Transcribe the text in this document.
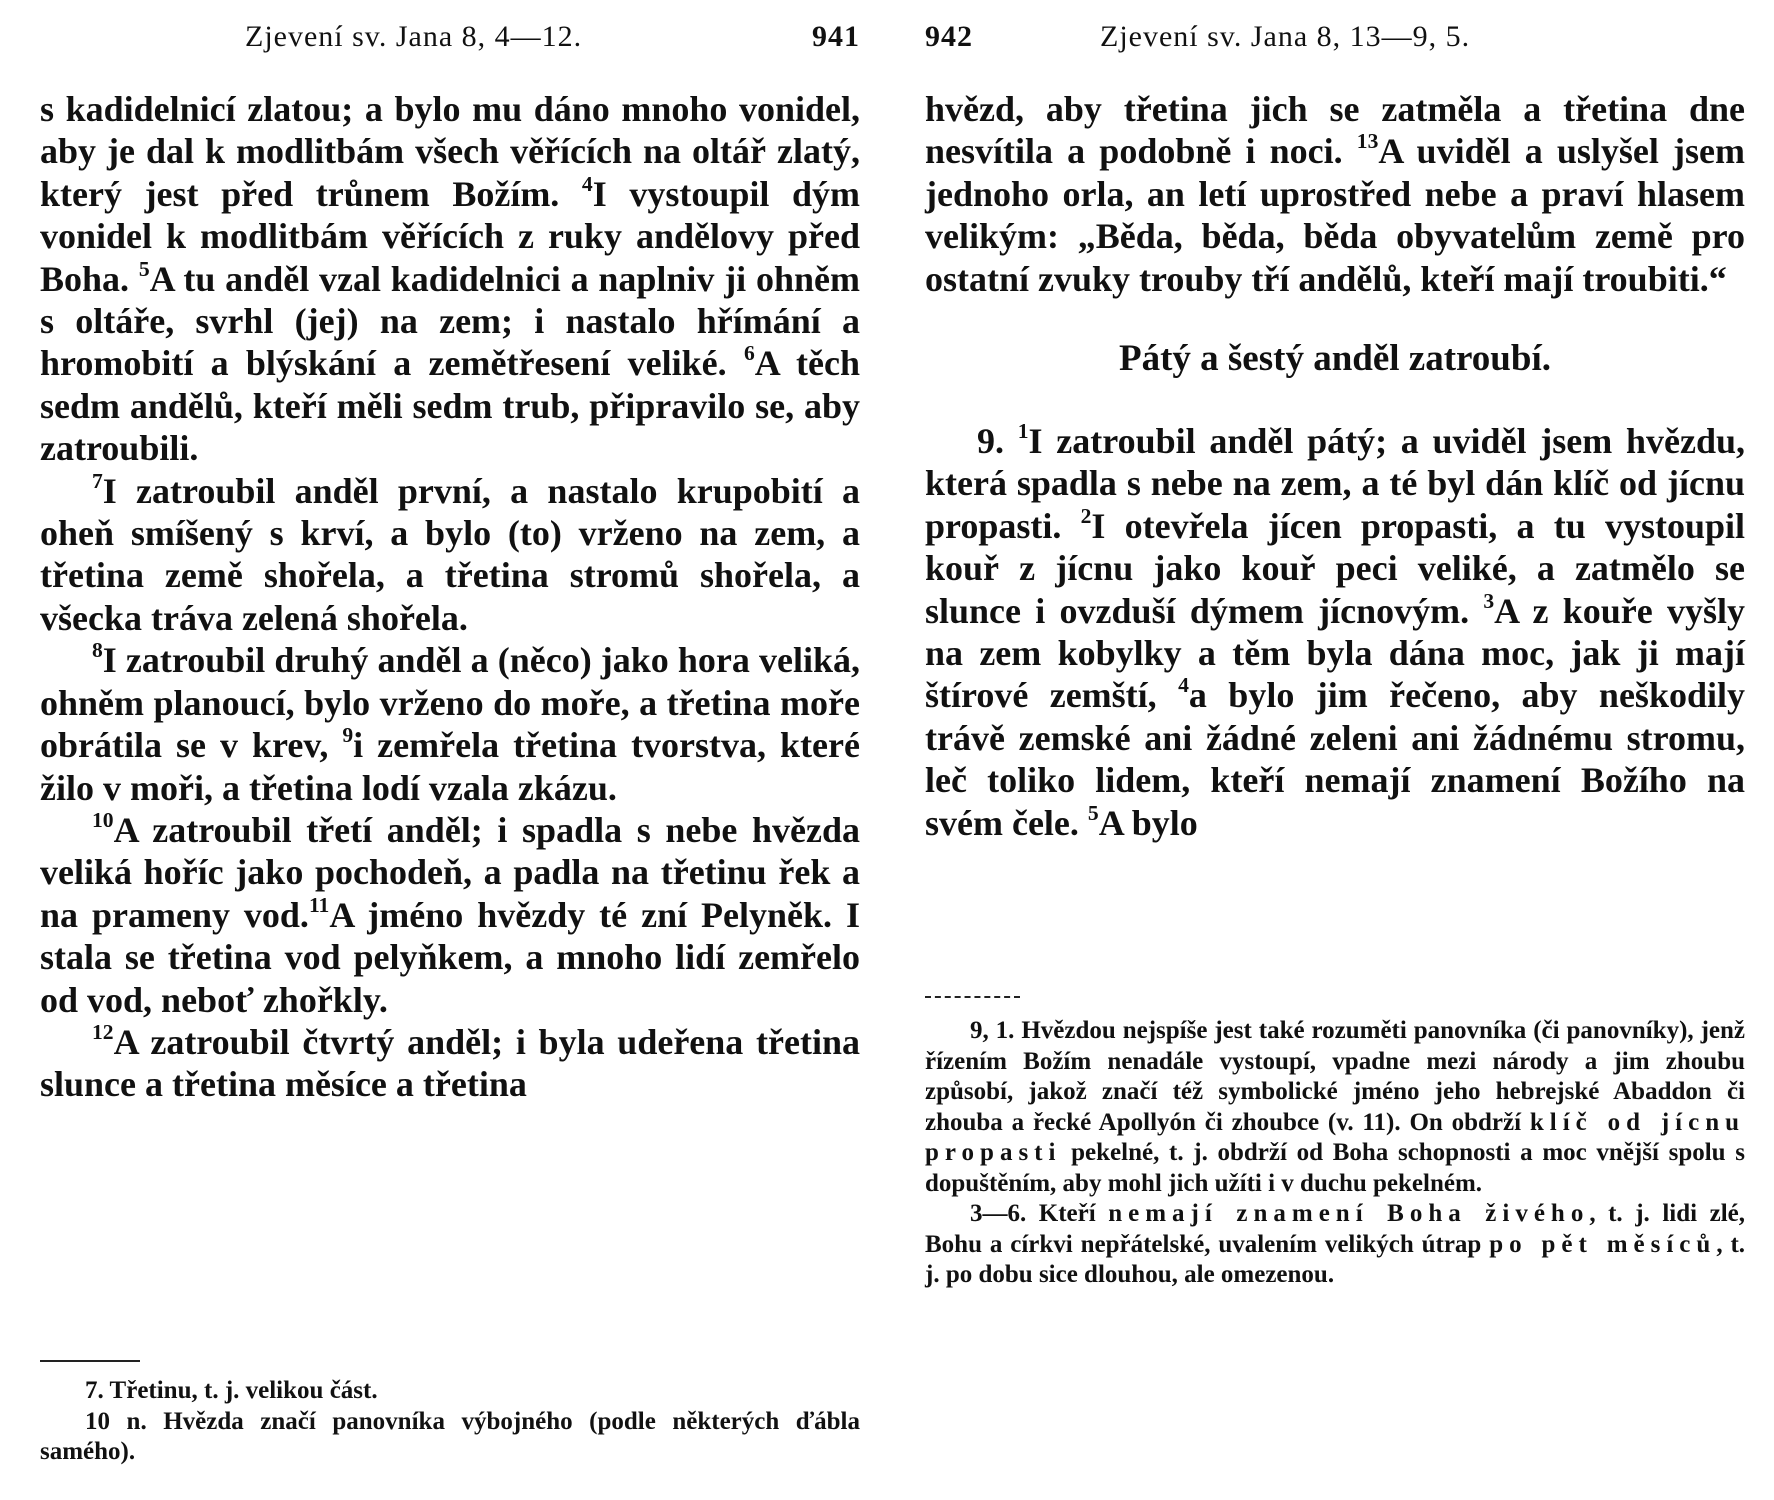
Zjevení sv. Jana 8, 4—12.	941

s kadidelnicí zlatou; a bylo mu dáno mnoho vonidel, aby je dal k modlitbám všech věřících na oltář zlatý, který jest před trůnem Božím. $^4$I vystoupil dým vonidel k modlitbám věřících z ruky andělovy před Boha. $^5$A tu anděl vzal kadidelnici a naplniv ji ohněm s oltáře, svrhl (jej) na zem; i nastalo hřímání a hromobití a blýskání a zemětřesení veliké. $^6$A těch sedm andělů, kteří měli sedm trub, připravilo se, aby zatroubili.

$^7$I zatroubil anděl první, a nastalo krupobití a oheň smíšený s krví, a bylo (to) vrženo na zem, a třetina země shořela, a třetina stromů shořela, a všecka tráva zelená shořela.

$^8$I zatroubil druhý anděl a (něco) jako hora veliká, ohněm planoucí, bylo vrženo do moře, a třetina moře obrátila se v krev, $^9$i zemřela třetina tvorstva, které žilo v moři, a třetina lodí vzala zkázu.

$^{10}$A zatroubil třetí anděl; i spadla s nebe hvězda veliká hoříc jako pochodeň, a padla na třetinu řek a na prameny vod.$^{11}$A jméno hvězdy té zní Pelyněk. I stala se třetina vod pelyňkem, a mnoho lidí zemřelo od vod, neboť zhořkly.

$^{12}$A zatroubil čtvrtý anděl; i byla udeřena třetina slunce a třetina měsíce a třetina

7. Třetinu, t. j. velikou část.

10 n. Hvězda značí panovníka výbojného (podle některých ďábla samého).

942	Zjevení sv. Jana 8, 13—9, 5.

hvězd, aby třetina jich se zatměla a třetina dne nesvítila a podobně i noci. $^{13}$A uviděl a uslyšel jsem jednoho orla, an letí uprostřed nebe a praví hlasem velikým: „Běda, běda, běda obyvatelům země pro ostatní zvuky trouby tří andělů, kteří mají troubiti.“

Pátý a šestý anděl zatroubí.

9. $^1$I zatroubil anděl pátý; a uviděl jsem hvězdu, která spadla s nebe na zem, a té byl dán klíč od jícnu propasti. $^2$I otevřela jícen propasti, a tu vystoupil kouř z jícnu jako kouř peci veliké, a zatmělo se slunce i ovzduší dýmem jícnovým. $^3$A z kouře vyšly na zem kobylky a těm byla dána moc, jak ji mají štírové zemští, $^4$a bylo jim řečeno, aby neškodily trávě zemské ani žádné zeleni ani žádnému stromu, leč toliko lidem, kteří nemají znamení Božího na svém čele. $^5$A bylo

9, 1. Hvězdou nejspíše jest také rozuměti panovníka (či panovníky), jenž řízením Božím nenadále vystoupí, vpadne mezi národy a jim zhoubu způsobí, jakož značí též symbolické jméno jeho hebrejské Abaddon či zhouba a řecké Apollyón či zhoubce (v. 11). On obdrží klíč od jícnu propasti pekelné, t. j. obdrží od Boha schopnosti a moc vnější spolu s dopuštěním, aby mohl jich užíti i v duchu pekelném.

3—6. Kteří nemají znamení Boha živého, t. j. lidi zlé, Bohu a církvi nepřátelské, uvalením velikých útrap po pět měsíců, t. j. po dobu sice dlouhou, ale omezenou.
